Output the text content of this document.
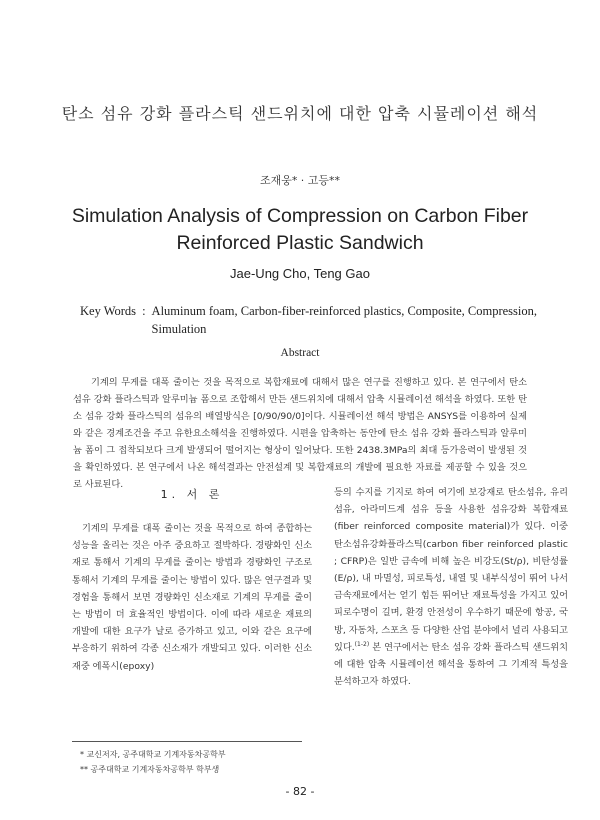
탄소 섬유 강화 플라스틱 샌드위치에 대한 압축 시뮬레이션 해석
조재웅* · 고등**
Simulation Analysis of Compression on Carbon Fiber Reinforced Plastic Sandwich
Jae-Ung Cho, Teng Gao
Key Words : Aluminum foam, Carbon-fiber-reinforced plastics, Composite, Compression, Simulation
Abstract
기계의 무게를 대폭 줄이는 것을 목적으로 복합재료에 대해서 많은 연구를 진행하고 있다. 본 연구에서 탄소 섬유 강화 플라스틱과 알루미늄 폼으로 조합해서 만든 샌드위치에 대해서 압축 시뮬레이션 해석을 하였다. 또한 탄소 섬유 강화 플라스틱의 섬유의 배열방식은 [0/90/90/0]이다. 시뮬레이션 해석 방법은 ANSYS를 이용하여 실제와 같은 경계조건을 주고 유한요소해석을 진행하였다. 시편을 압축하는 동안에 탄소 섬유 강화 플라스틱과 알루미늄 폼이 그 접착되보다 크게 발생되어 떨어지는 형상이 일어났다. 또한 2438.3MPa의 최대 등가응력이 발생된 것을 확인하였다. 본 연구에서 나온 해석결과는 안전설계 및 복합재료의 개발에 필요한 자료를 제공할 수 있을 것으로 사료된다.
1. 서 론

기계의 무게를 대폭 줄이는 것을 목적으로 하여 종합하는 성능을 올리는 것은 아주 중요하고 절박하다. 경량화인 신소재로 통해서 기계의 무게를 줄이는 방법과 경량화인 구조로 통해서 기계의 무게를 줄이는 방법이 있다. 많은 연구결과 및 경험을 통해서 보면 경량화인 신소재로 기계의 무게를 줄이는 방법이 더 효율적인 방법이다. 이에 따라 새로운 재료의 개발에 대한 요구가 날로 증가하고 있고, 이와 같은 요구에 부응하기 위하여 각종 신소재가 개발되고 있다. 이러한 신소재중 에폭시(epoxy)

등의 수지를 기지로 하여 여기에 보강재로 탄소섬유, 유리섬유, 아라미드계 섬유 등을 사용한 섬유강화 복합재료(fiber reinforced composite material)가 있다. 이중 탄소섬유강화플라스틱(carbon fiber reinforced plastic ; CFRP)은 일반 금속에 비해 높은 비강도(St/ρ), 비탄성률(E/ρ), 내 마멸성, 피로특성, 내열 및 내부식성이 뛰어 나서 금속재료에서는 얻기 힘든 뛰어난 재료특성을 가지고 있어 피로수명이 길며, 환경 안전성이 우수하기 때문에 항공, 국방, 자동차, 스포츠 등 다양한 산업 분야에서 널리 사용되고 있다.$^{(1-2)}$ 본 연구에서는 탄소 섬유 강화 플라스틱 샌드위치에 대한 압축 시뮬레이션 해석을 통하여 그 기계적 특성을 분석하고자 하였다.

* 교신저자, 공주대학교 기계자동차공학부
** 공주대학교 기계자동차공학부 학부생
- 82 -
